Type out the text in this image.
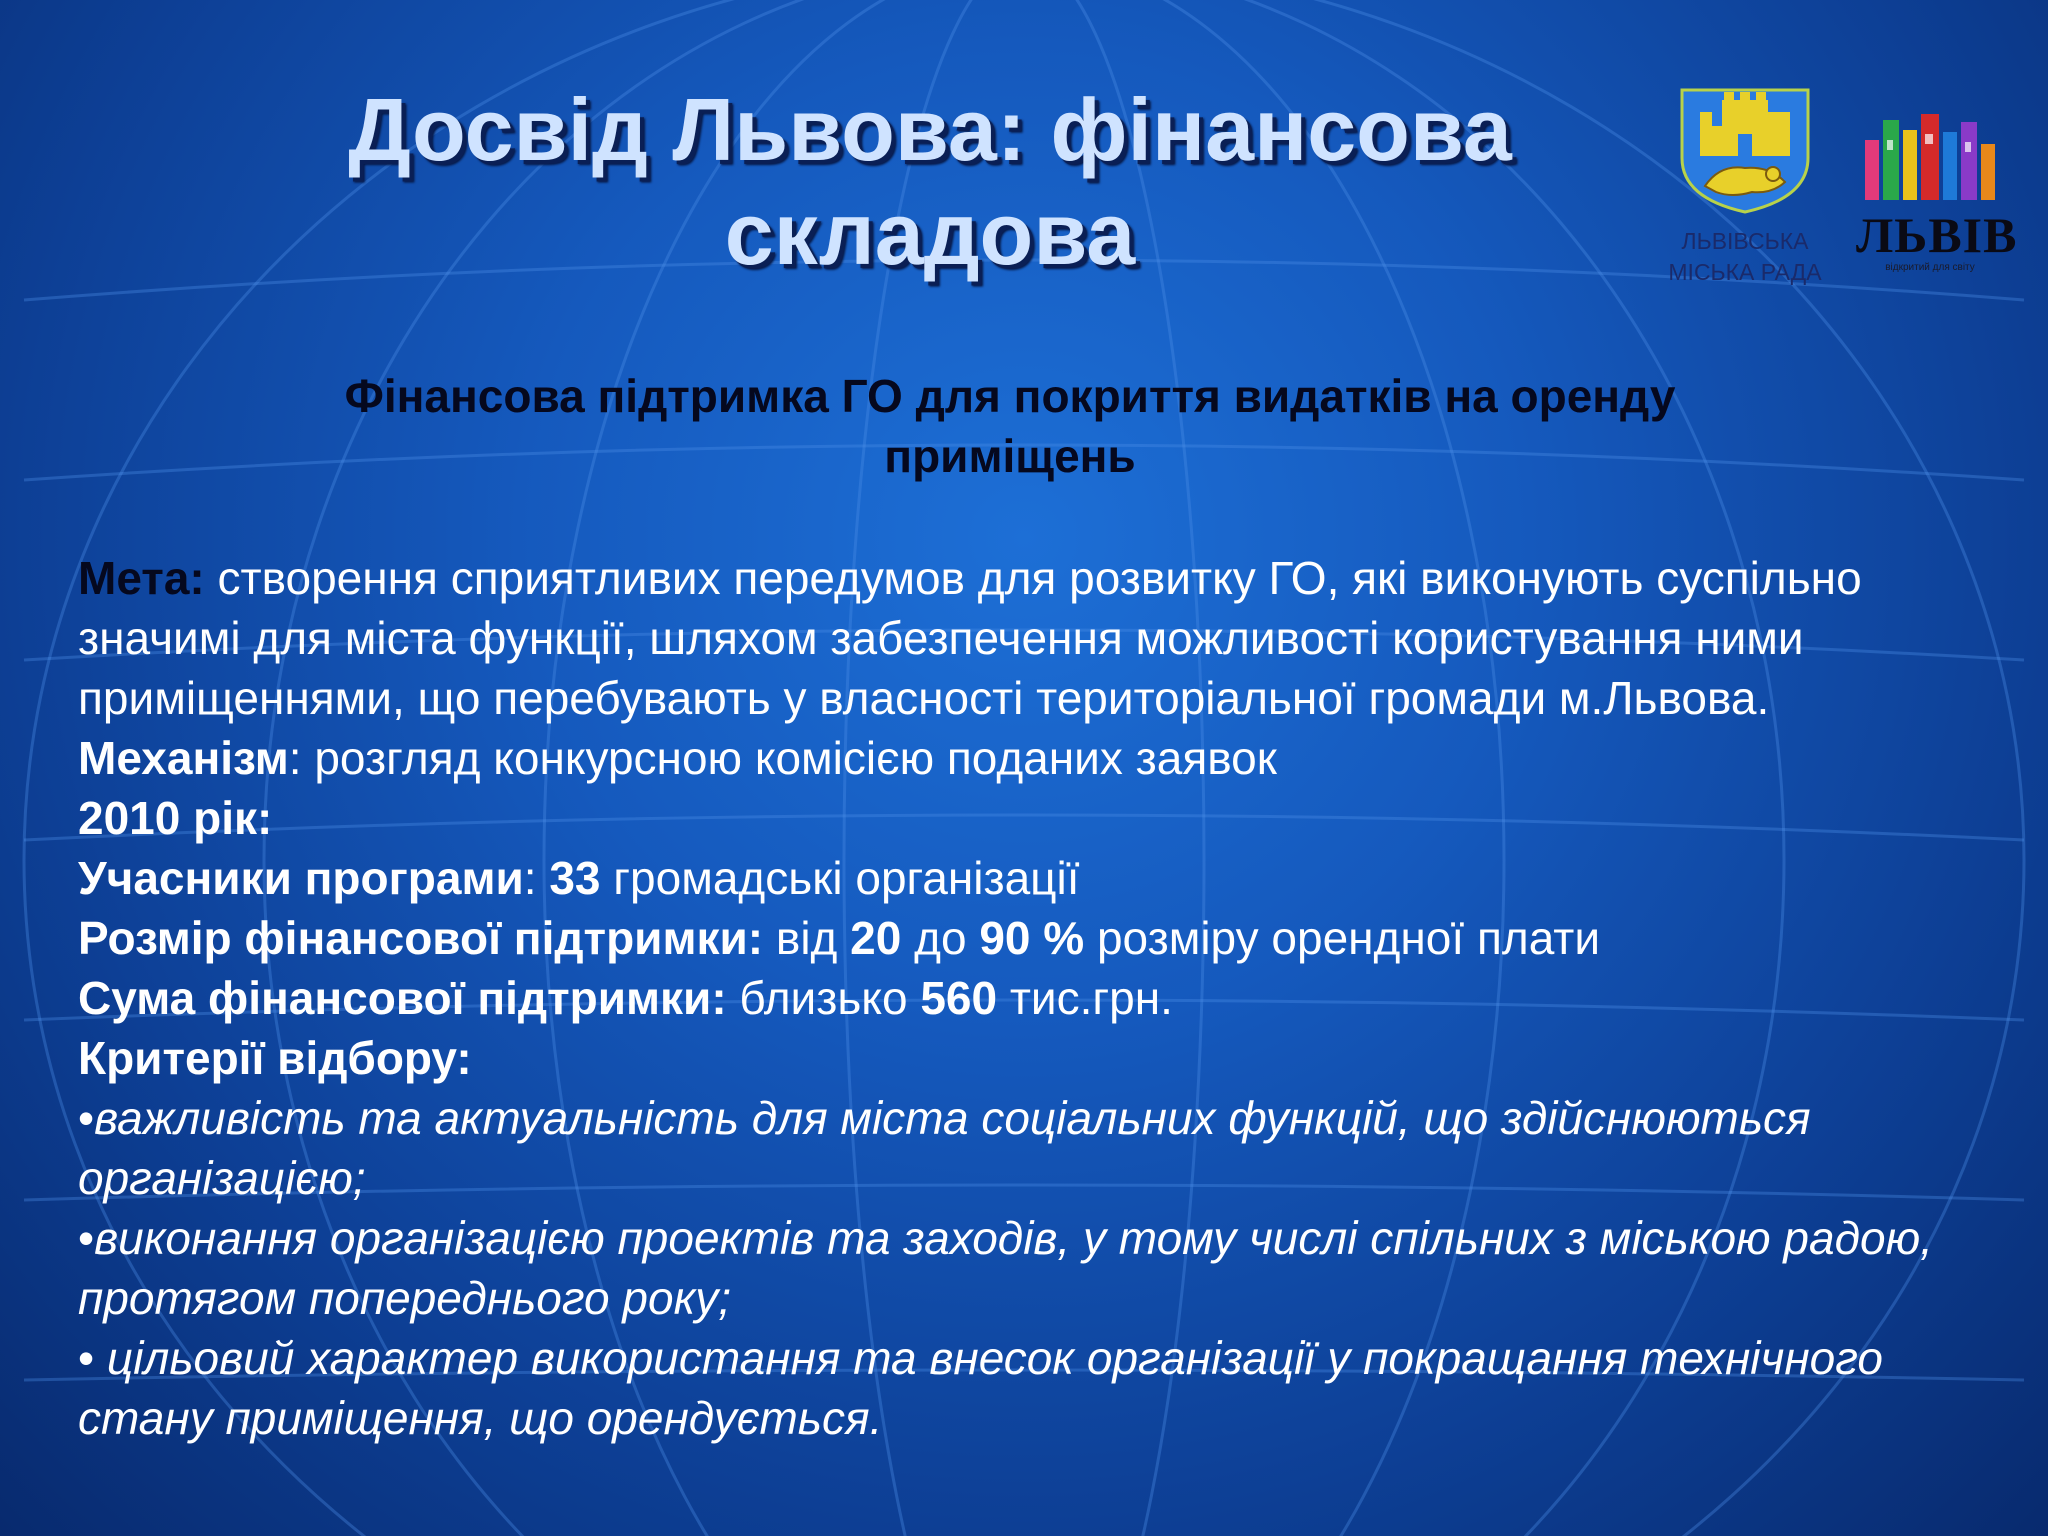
Досвід Львова: фінансова
складова	ЛЬВІВСЬКА
МІСЬКА РАДА
ЛЬВІВ
відкритий для світу
Фінансова підтримка ГО для покриття видатків на оренду
приміщень

Мета: створення сприятливих передумов для розвитку ГО, які виконують суспільно значимі для міста функції, шляхом забезпечення можливості користування ними приміщеннями, що перебувають у власності територіальної громади м.Львова.

Механізм: розгляд конкурсною комісією поданих заявок

2010 рік:

Учасники програми: 33 громадські організації

Розмір фінансової підтримки: від 20 до 90 % розміру орендної плати

Сума фінансової підтримки: близько 560 тис.грн.

Критерії відбору:

•важливість та актуальність для міста соціальних функцій, що здійснюються організацією;

•виконання організацією проектів та заходів, у тому числі спільних з міською радою, протягом попереднього року;

• цільовий характер використання та внесок організації у покращання технічного стану приміщення, що орендується.
